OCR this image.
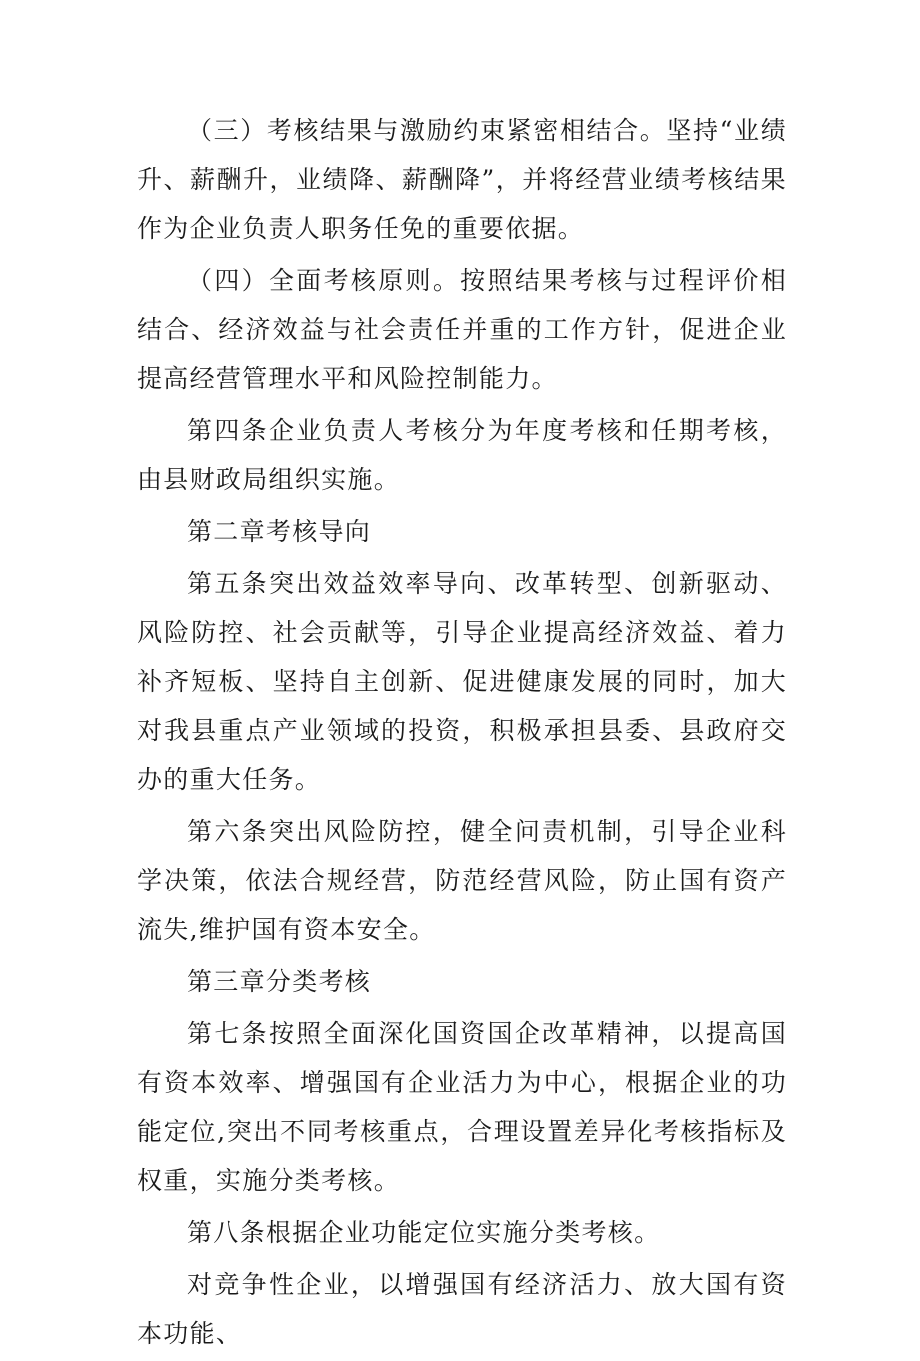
（三）考核结果与激励约束紧密相结合。坚持“业绩升、薪酬升，业绩降、薪酬降”，并将经营业绩考核结果作为企业负责人职务任免的重要依据。

（四）全面考核原则。按照结果考核与过程评价相结合、经济效益与社会责任并重的工作方针，促进企业提高经营管理水平和风险控制能力。

第四条企业负责人考核分为年度考核和任期考核，由县财政局组织实施。

第二章考核导向

第五条突出效益效率导向、改革转型、创新驱动、风险防控、社会贡献等，引导企业提高经济效益、着力补齐短板、坚持自主创新、促进健康发展的同时，加大对我县重点产业领域的投资，积极承担县委、县政府交办的重大任务。

第六条突出风险防控，健全问责机制，引导企业科学决策，依法合规经营，防范经营风险，防止国有资产流失,维护国有资本安全。

第三章分类考核

第七条按照全面深化国资国企改革精神，以提高国有资本效率、增强国有企业活力为中心，根据企业的功能定位,突出不同考核重点，合理设置差异化考核指标及权重，实施分类考核。

第八条根据企业功能定位实施分类考核。

对竞争性企业，以增强国有经济活力、放大国有资本功能、
